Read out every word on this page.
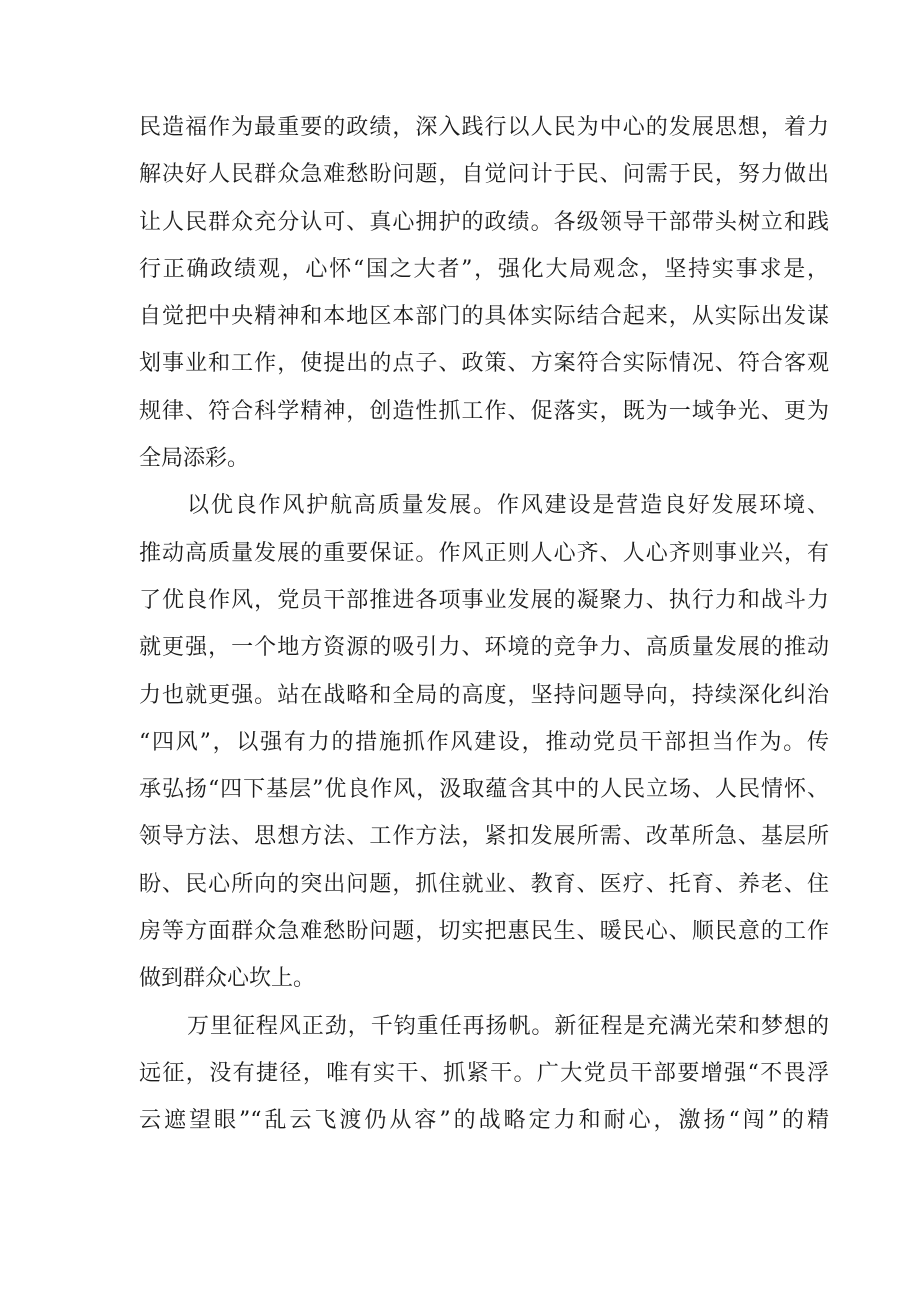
民造福作为最重要的政绩，深入践行以人民为中心的发展思想，着力
解决好人民群众急难愁盼问题，自觉问计于民、问需于民，努力做出
让人民群众充分认可、真心拥护的政绩。各级领导干部带头树立和践
行正确政绩观，心怀“国之大者”，强化大局观念，坚持实事求是，
自觉把中央精神和本地区本部门的具体实际结合起来，从实际出发谋
划事业和工作，使提出的点子、政策、方案符合实际情况、符合客观
规律、符合科学精神，创造性抓工作、促落实，既为一域争光、更为
全局添彩。
以优良作风护航高质量发展。作风建设是营造良好发展环境、
推动高质量发展的重要保证。作风正则人心齐、人心齐则事业兴，有
了优良作风，党员干部推进各项事业发展的凝聚力、执行力和战斗力
就更强，一个地方资源的吸引力、环境的竞争力、高质量发展的推动
力也就更强。站在战略和全局的高度，坚持问题导向，持续深化纠治
“四风”，以强有力的措施抓作风建设，推动党员干部担当作为。传
承弘扬“四下基层”优良作风，汲取蕴含其中的人民立场、人民情怀、
领导方法、思想方法、工作方法，紧扣发展所需、改革所急、基层所
盼、民心所向的突出问题，抓住就业、教育、医疗、托育、养老、住
房等方面群众急难愁盼问题，切实把惠民生、暖民心、顺民意的工作
做到群众心坎上。
万里征程风正劲，千钧重任再扬帆。新征程是充满光荣和梦想的
远征，没有捷径，唯有实干、抓紧干。广大党员干部要增强“不畏浮
云遮望眼”“乱云飞渡仍从容”的战略定力和耐心，激扬“闯”的精
